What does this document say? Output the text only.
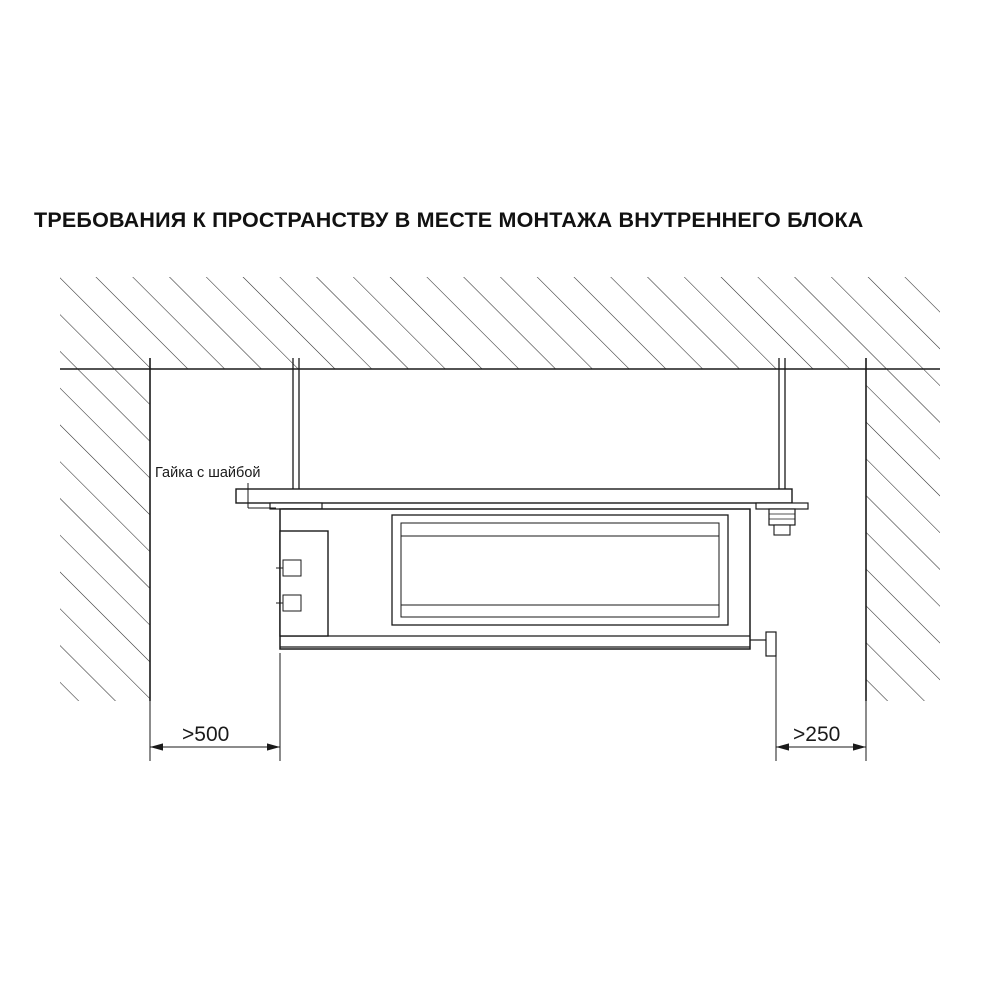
ТРЕБОВАНИЯ К ПРОСТРАНСТВУ В МЕСТЕ МОНТАЖА ВНУТРЕННЕГО БЛОКА
>500	>250
Гайка с шайбой
